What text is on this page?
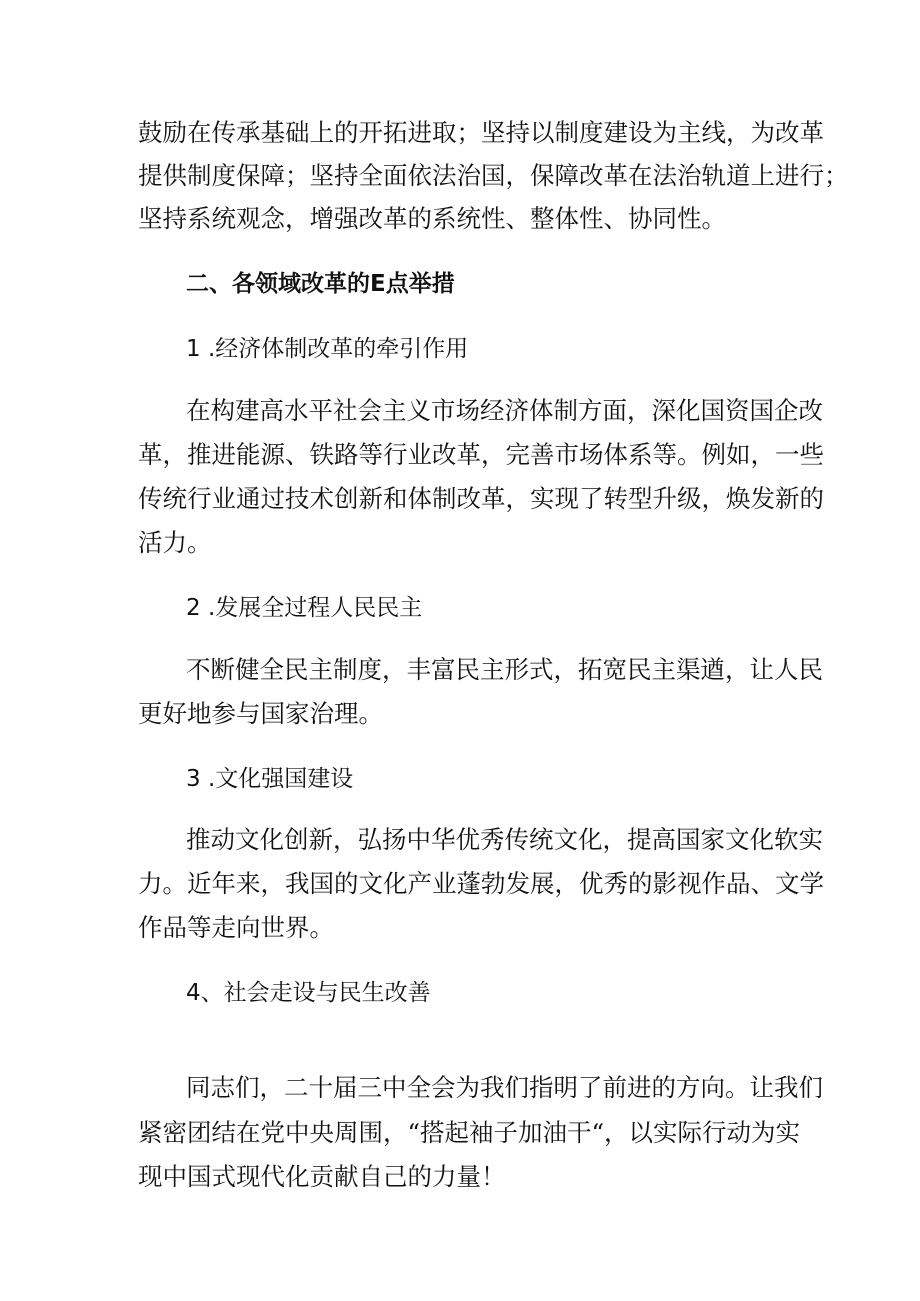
鼓励在传承基础上的开拓进取；坚持以制度建设为主线，为改革
提供制度保障；坚持全面依法治国，保障改革在法治轨道上进行；
坚持系统观念，增强改革的系统性、整体性、协同性。
二、各领域改革的E点举措
1 .经济体制改革的牵引作用
在构建高水平社会主义市场经济体制方面，深化国资国企改
革，推进能源、铁路等行业改革，完善市场体系等。例如，一些
传统行业通过技术创新和体制改革，实现了转型升级，焕发新的
活力。
2 .发展全过程人民民主
不断健全民主制度，丰富民主形式，拓宽民主渠遒，让人民
更好地参与国家治理。
3 .文化强国建设
推动文化创新，弘扬中华优秀传统文化，提高国家文化软实
力。近年来，我国的文化产业蓬勃发展，优秀的影视作品、文学
作品等走向世界。
4、社会走设与民生改善
同志们，二十届三中全会为我们指明了前进的方向。让我们
紧密团结在党中央周围，“搭起袖子加油干“，以实际行动为实
现中国式现代化贡献自己的力量！
